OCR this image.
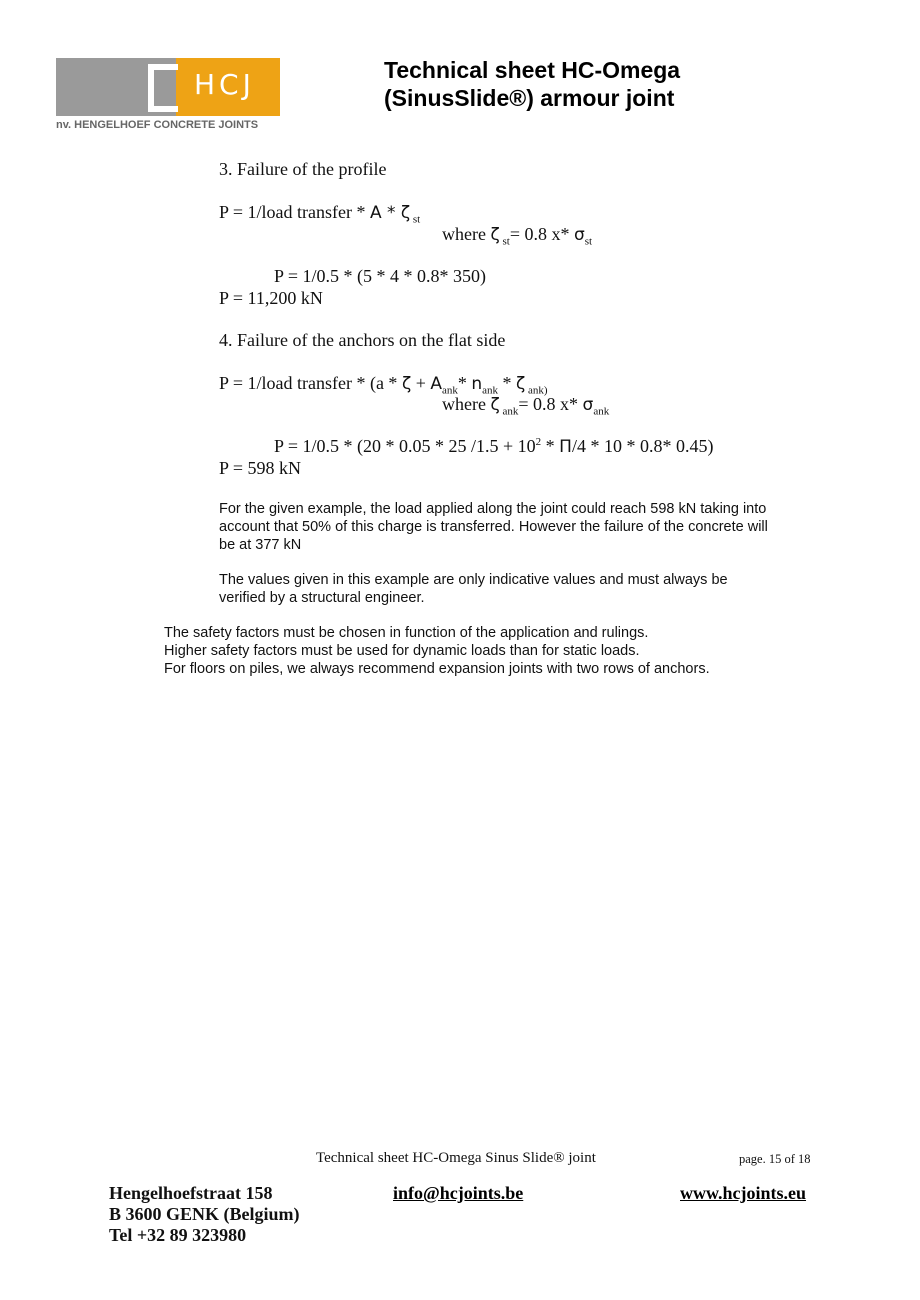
HCJ
nv. HENGELHOEF CONCRETE JOINTS
Technical sheet HC-Omega
(SinusSlide®) armour joint
3. Failure of the profile
P = 1/load transfer * A * ζ $_{st}$
where ζ $_{st}$= 0.8 x* $\sigma_{st}$
P = 1/0.5 * (5 * 4 * 0.8* 350)
P = 11,200 kN
4. Failure of the anchors on the flat side
P = 1/load transfer * ($a * \zeta + A_{ank}*$ $n_{ank}$ * ζ $_{ank)}$
where ζ $_{ank}$= 0.8 x* $\sigma_{ank}$
P = 1/0.5 * (20 * 0.05 * 25 $/1.5 + 10^2 * П/4 * 10 * 0.8*$ 0.45)
P = 598 kN
For the given example, the load applied along the joint could reach 598 kN taking into
account that 50% of this charge is transferred. However the failure of the concrete will
be at 377 kN
The values given in this example are only indicative values and must always be
verified by a structural engineer.
The safety factors must be chosen in function of the application and rulings.
Higher safety factors must be used for dynamic loads than for static loads.
For floors on piles, we always recommend expansion joints with two rows of anchors.
Technical sheet HC-Omega Sinus Slide® joint	page. 15 of 18
Hengelhoefstraat 158
B 3600 GENK (Belgium)
Tel +32 89 323980
info@hcjoints.be	www.hcjoints.eu
